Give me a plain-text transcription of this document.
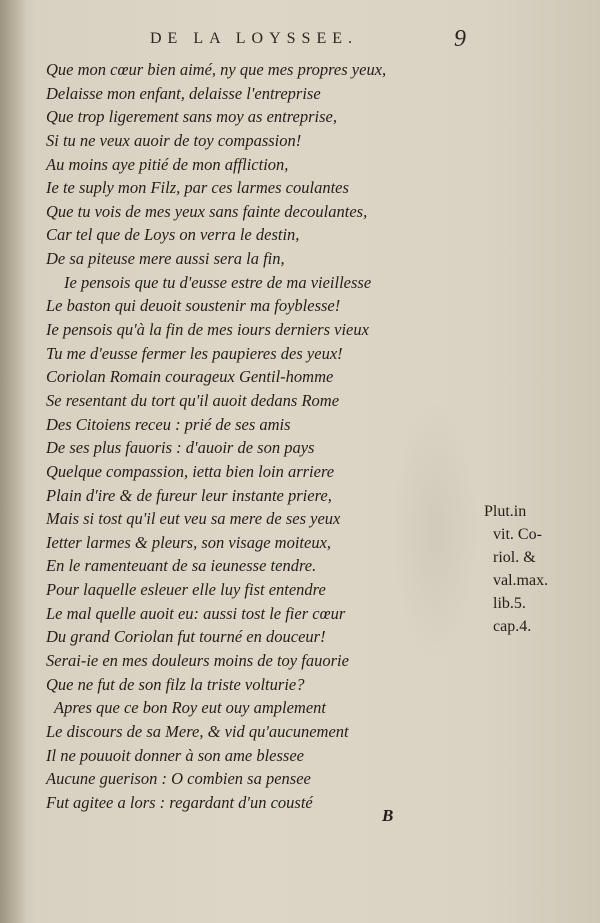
DE LA LOYSSEE.	9
Que mon cœur bien aimé, ny que mes propres yeux,
Delaisse mon enfant, delaisse l'entreprise
Que trop ligerement sans moy as entreprise,
Si tu ne veux auoir de toy compassion!
Au moins aye pitié de mon affliction,
Ie te suply mon Filz, par ces larmes coulantes
Que tu vois de mes yeux sans fainte decoulantes,
Car tel que de Loys on verra le destin,
De sa piteuse mere aussi sera la fin,
Ie pensois que tu d'eusse estre de ma vieillesse
Le baston qui deuoit soustenir ma foyblesse!
Ie pensois qu'à la fin de mes iours derniers vieux
Tu me d'eusse fermer les paupieres des yeux!
Coriolan Romain courageux Gentil-homme
Se resentant du tort qu'il auoit dedans Rome
Des Citoiens receu : prié de ses amis
De ses plus fauoris : d'auoir de son pays
Quelque compassion, ietta bien loin arriere
Plain d'ire & de fureur leur instante priere,
Mais si tost qu'il eut veu sa mere de ses yeux
Ietter larmes & pleurs, son visage moiteux,
En le ramenteuant de sa ieunesse tendre.
Pour laquelle esleuer elle luy fist entendre
Le mal quelle auoit eu: aussi tost le fier cœur
Du grand Coriolan fut tourné en douceur!
Serai-ie en mes douleurs moins de toy fauorie
Que ne fut de son filz la triste volturie?
Apres que ce bon Roy eut ouy amplement
Le discours de sa Mere, & vid qu'aucunement
Il ne pouuoit donner à son ame blessee
Aucune guerison : O combien sa pensee
Fut agitee a lors : regardant d'un cousté
Plut.in
vit. Co-
riol. &
val.max.
lib.5.
cap.4.
B
